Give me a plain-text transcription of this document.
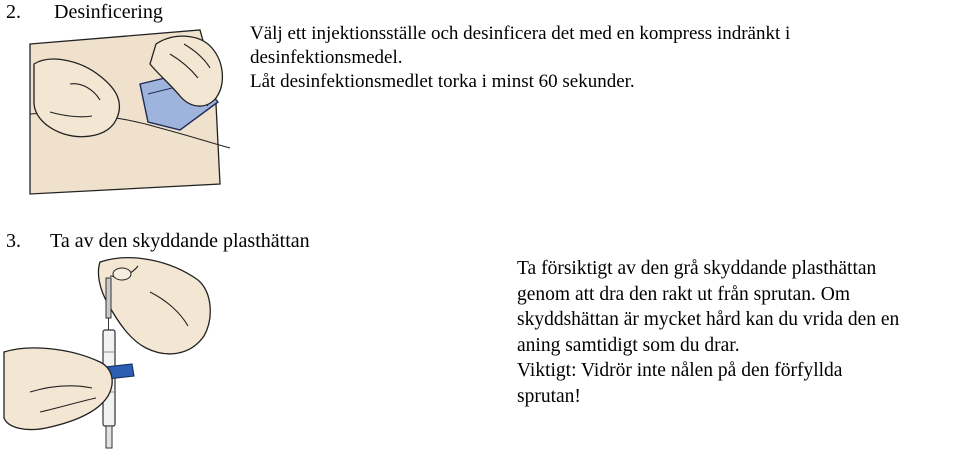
2. Desinficering
Välj ett injektionsställe och desinficera det med en kompress indränkt i
desinfektionsmedel.
Låt desinfektionsmedlet torka i minst 60 sekunder.
3. Ta av den skyddande plasthättan
Ta försiktigt av den grå skyddande plasthättan
genom att dra den rakt ut från sprutan. Om
skyddshättan är mycket hård kan du vrida den en
aning samtidigt som du drar.
Viktigt: Vidrör inte nålen på den förfyllda
sprutan!
